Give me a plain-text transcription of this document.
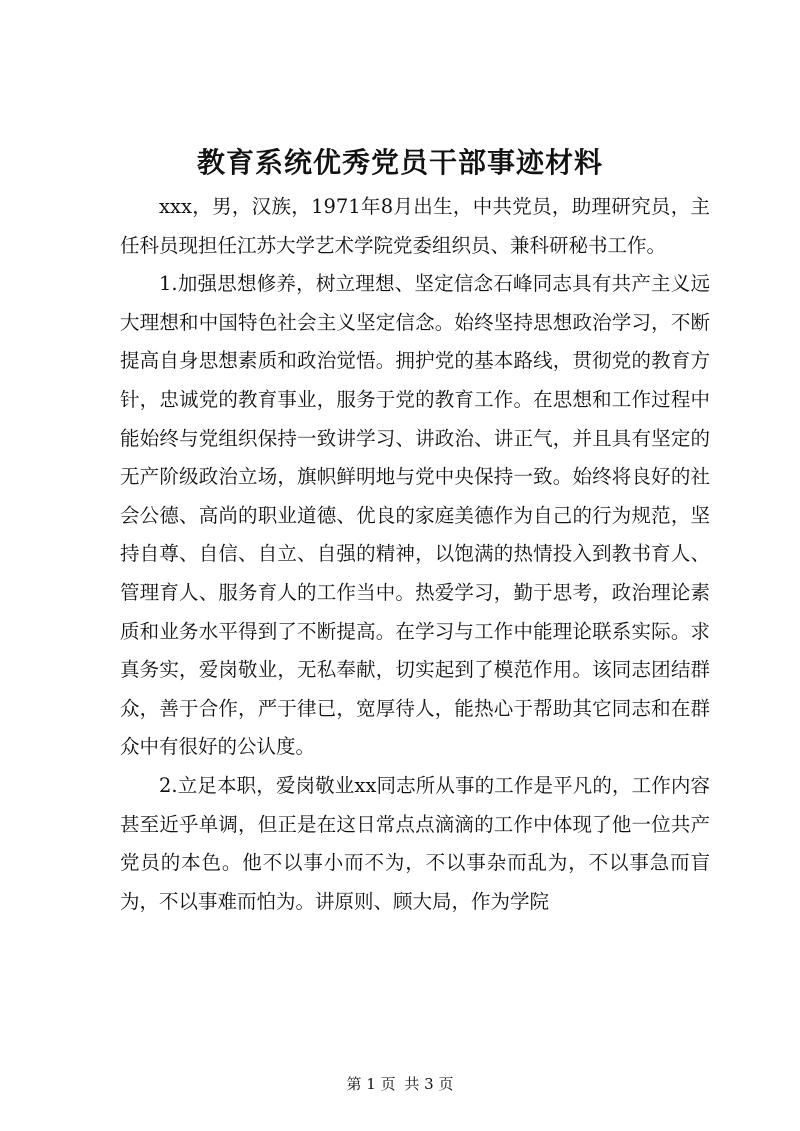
教育系统优秀党员干部事迹材料

xxx，男，汉族，1971年8月出生，中共党员，助理研究员，主任科员现担任江苏大学艺术学院党委组织员、兼科研秘书工作。

1.加强思想修养，树立理想、坚定信念石峰同志具有共产主义远大理想和中国特色社会主义坚定信念。始终坚持思想政治学习，不断提高自身思想素质和政治觉悟。拥护党的基本路线，贯彻党的教育方针，忠诚党的教育事业，服务于党的教育工作。在思想和工作过程中能始终与党组织保持一致讲学习、讲政治、讲正气，并且具有坚定的无产阶级政治立场，旗帜鲜明地与党中央保持一致。始终将良好的社会公德、高尚的职业道德、优良的家庭美德作为自己的行为规范，坚持自尊、自信、自立、自强的精神，以饱满的热情投入到教书育人、管理育人、服务育人的工作当中。热爱学习，勤于思考，政治理论素质和业务水平得到了不断提高。在学习与工作中能理论联系实际。求真务实，爱岗敬业，无私奉献，切实起到了模范作用。该同志团结群众，善于合作，严于律已，宽厚待人，能热心于帮助其它同志和在群众中有很好的公认度。

2.立足本职，爱岗敬业xx同志所从事的工作是平凡的，工作内容甚至近乎单调，但正是在这日常点点滴滴的工作中体现了他一位共产党员的本色。他不以事小而不为，不以事杂而乱为，不以事急而盲为，不以事难而怕为。讲原则、顾大局，作为学院

第 1 页 共 3 页
